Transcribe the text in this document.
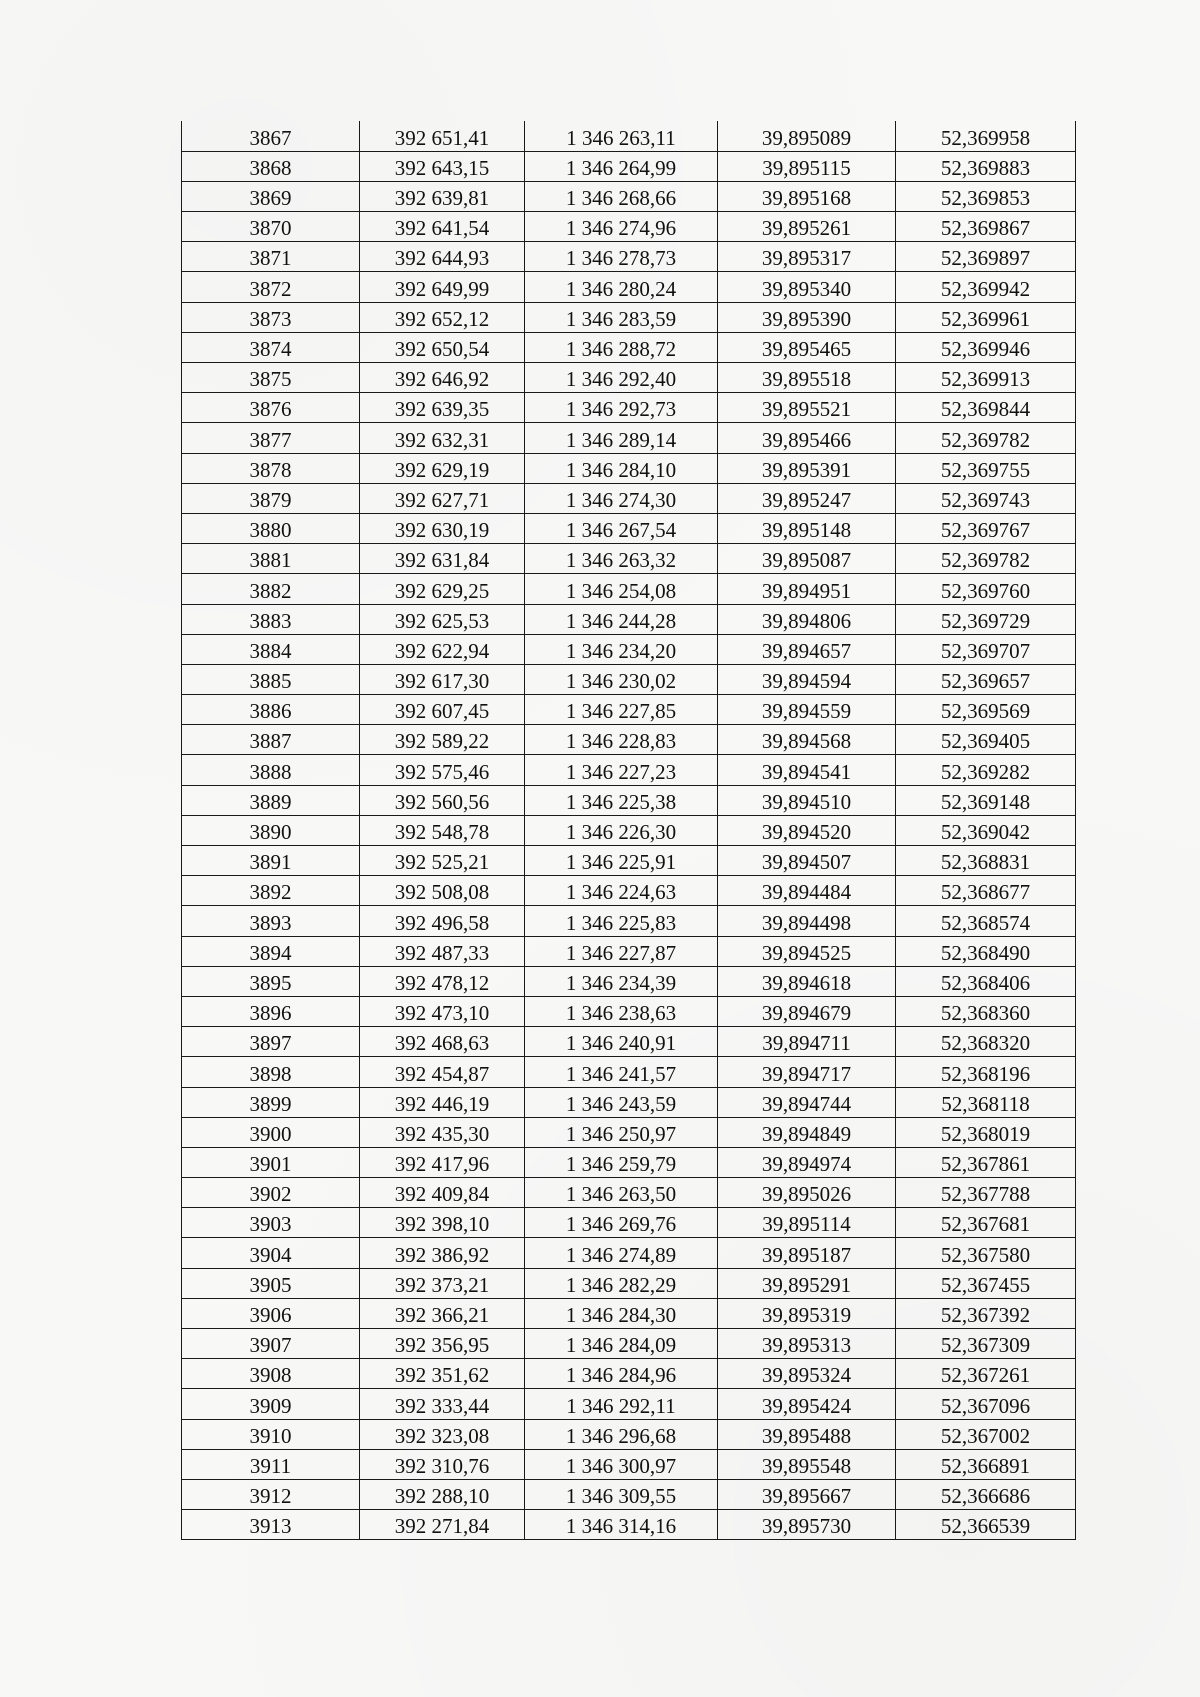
3867	392 651,41	1 346 263,11	39,895089	52,369958
3868	392 643,15	1 346 264,99	39,895115	52,369883
3869	392 639,81	1 346 268,66	39,895168	52,369853
3870	392 641,54	1 346 274,96	39,895261	52,369867
3871	392 644,93	1 346 278,73	39,895317	52,369897
3872	392 649,99	1 346 280,24	39,895340	52,369942
3873	392 652,12	1 346 283,59	39,895390	52,369961
3874	392 650,54	1 346 288,72	39,895465	52,369946
3875	392 646,92	1 346 292,40	39,895518	52,369913
3876	392 639,35	1 346 292,73	39,895521	52,369844
3877	392 632,31	1 346 289,14	39,895466	52,369782
3878	392 629,19	1 346 284,10	39,895391	52,369755
3879	392 627,71	1 346 274,30	39,895247	52,369743
3880	392 630,19	1 346 267,54	39,895148	52,369767
3881	392 631,84	1 346 263,32	39,895087	52,369782
3882	392 629,25	1 346 254,08	39,894951	52,369760
3883	392 625,53	1 346 244,28	39,894806	52,369729
3884	392 622,94	1 346 234,20	39,894657	52,369707
3885	392 617,30	1 346 230,02	39,894594	52,369657
3886	392 607,45	1 346 227,85	39,894559	52,369569
3887	392 589,22	1 346 228,83	39,894568	52,369405
3888	392 575,46	1 346 227,23	39,894541	52,369282
3889	392 560,56	1 346 225,38	39,894510	52,369148
3890	392 548,78	1 346 226,30	39,894520	52,369042
3891	392 525,21	1 346 225,91	39,894507	52,368831
3892	392 508,08	1 346 224,63	39,894484	52,368677
3893	392 496,58	1 346 225,83	39,894498	52,368574
3894	392 487,33	1 346 227,87	39,894525	52,368490
3895	392 478,12	1 346 234,39	39,894618	52,368406
3896	392 473,10	1 346 238,63	39,894679	52,368360
3897	392 468,63	1 346 240,91	39,894711	52,368320
3898	392 454,87	1 346 241,57	39,894717	52,368196
3899	392 446,19	1 346 243,59	39,894744	52,368118
3900	392 435,30	1 346 250,97	39,894849	52,368019
3901	392 417,96	1 346 259,79	39,894974	52,367861
3902	392 409,84	1 346 263,50	39,895026	52,367788
3903	392 398,10	1 346 269,76	39,895114	52,367681
3904	392 386,92	1 346 274,89	39,895187	52,367580
3905	392 373,21	1 346 282,29	39,895291	52,367455
3906	392 366,21	1 346 284,30	39,895319	52,367392
3907	392 356,95	1 346 284,09	39,895313	52,367309
3908	392 351,62	1 346 284,96	39,895324	52,367261
3909	392 333,44	1 346 292,11	39,895424	52,367096
3910	392 323,08	1 346 296,68	39,895488	52,367002
3911	392 310,76	1 346 300,97	39,895548	52,366891
3912	392 288,10	1 346 309,55	39,895667	52,366686
3913	392 271,84	1 346 314,16	39,895730	52,366539
